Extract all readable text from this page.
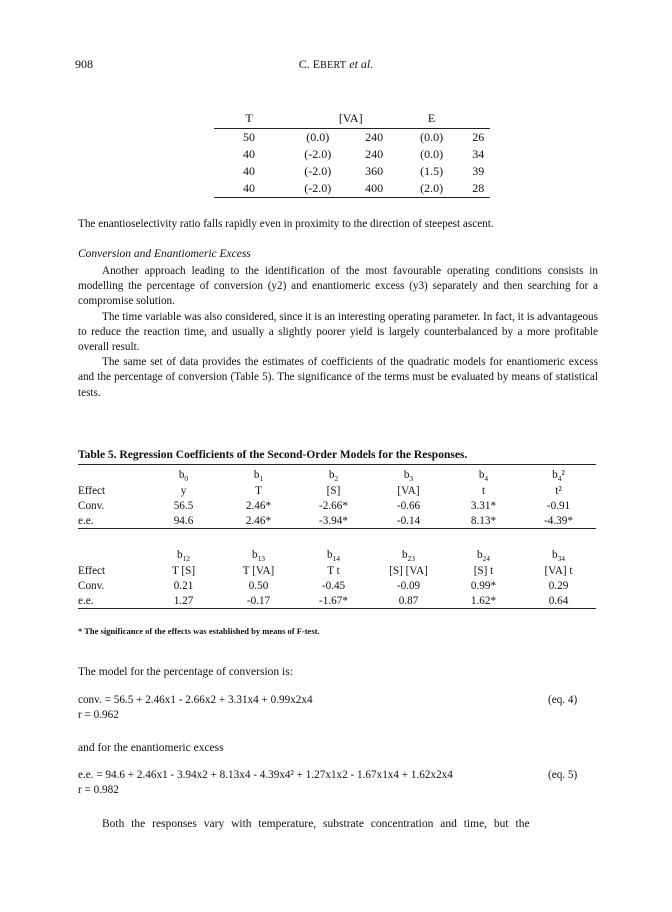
908	C. EBERT et al.
T	[VA]		E	
50	(0.0)	240	(0.0)	26
40	(-2.0)	240	(0.0)	34
40	(-2.0)	360	(1.5)	39
40	(-2.0)	400	(2.0)	28

The enantioselectivity ratio falls rapidly even in proximity to the direction of steepest ascent.

Conversion and Enantiomeric Excess

Another approach leading to the identification of the most favourable operating conditions consists in modelling the percentage of conversion (y2) and enantiomeric excess (y3) separately and then searching for a compromise solution.

The time variable was also considered, since it is an interesting operating parameter. In fact, it is advantageous to reduce the reaction time, and usually a slightly poorer yield is largely counterbalanced by a more profitable overall result.

The same set of data provides the estimates of coefficients of the quadratic models for enantiomeric excess and the percentage of conversion (Table 5). The significance of the terms must be evaluated by means of statistical tests.

Table 5. Regression Coefficients of the Second-Order Models for the Responses.
	$b_0$	$b_1$	$b_2$	$b_3$	$b_4$	$b_4^2$
Effect	y	T	[S]	[VA]	t	t²
Conv.	56.5	2.46*	-2.66*	-0.66	3.31*	-0.91
e.e.	94.6	2.46*	-3.94*	-0.14	8.13*	-4.39*

	$b_{12}$	$b_{13}$	$b_{14}$	$b_{23}$	$b_{24}$	$b_{34}$
Effect	T [S]	T [VA]	T t	[S] [VA]	[S] t	[VA] t
Conv.	0.21	0.50	-0.45	-0.09	0.99*	0.29
e.e.	1.27	-0.17	-1.67*	0.87	1.62*	0.64
* The significance of the effects was established by means of F-test.
The model for the percentage of conversion is:
conv. = 56.5 + 2.46x1 - 2.66x2 + 3.31x4 + 0.99x2x4	(eq. 4)
r = 0.962
and for the enantiomeric excess
e.e. = 94.6 + 2.46x1 - 3.94x2 + 8.13x4 - 4.39x4² + 1.27x1x2 - 1.67x1x4 + 1.62x2x4	(eq. 5)
r = 0.982
Both the responses vary with temperature, substrate concentration and time, but the
